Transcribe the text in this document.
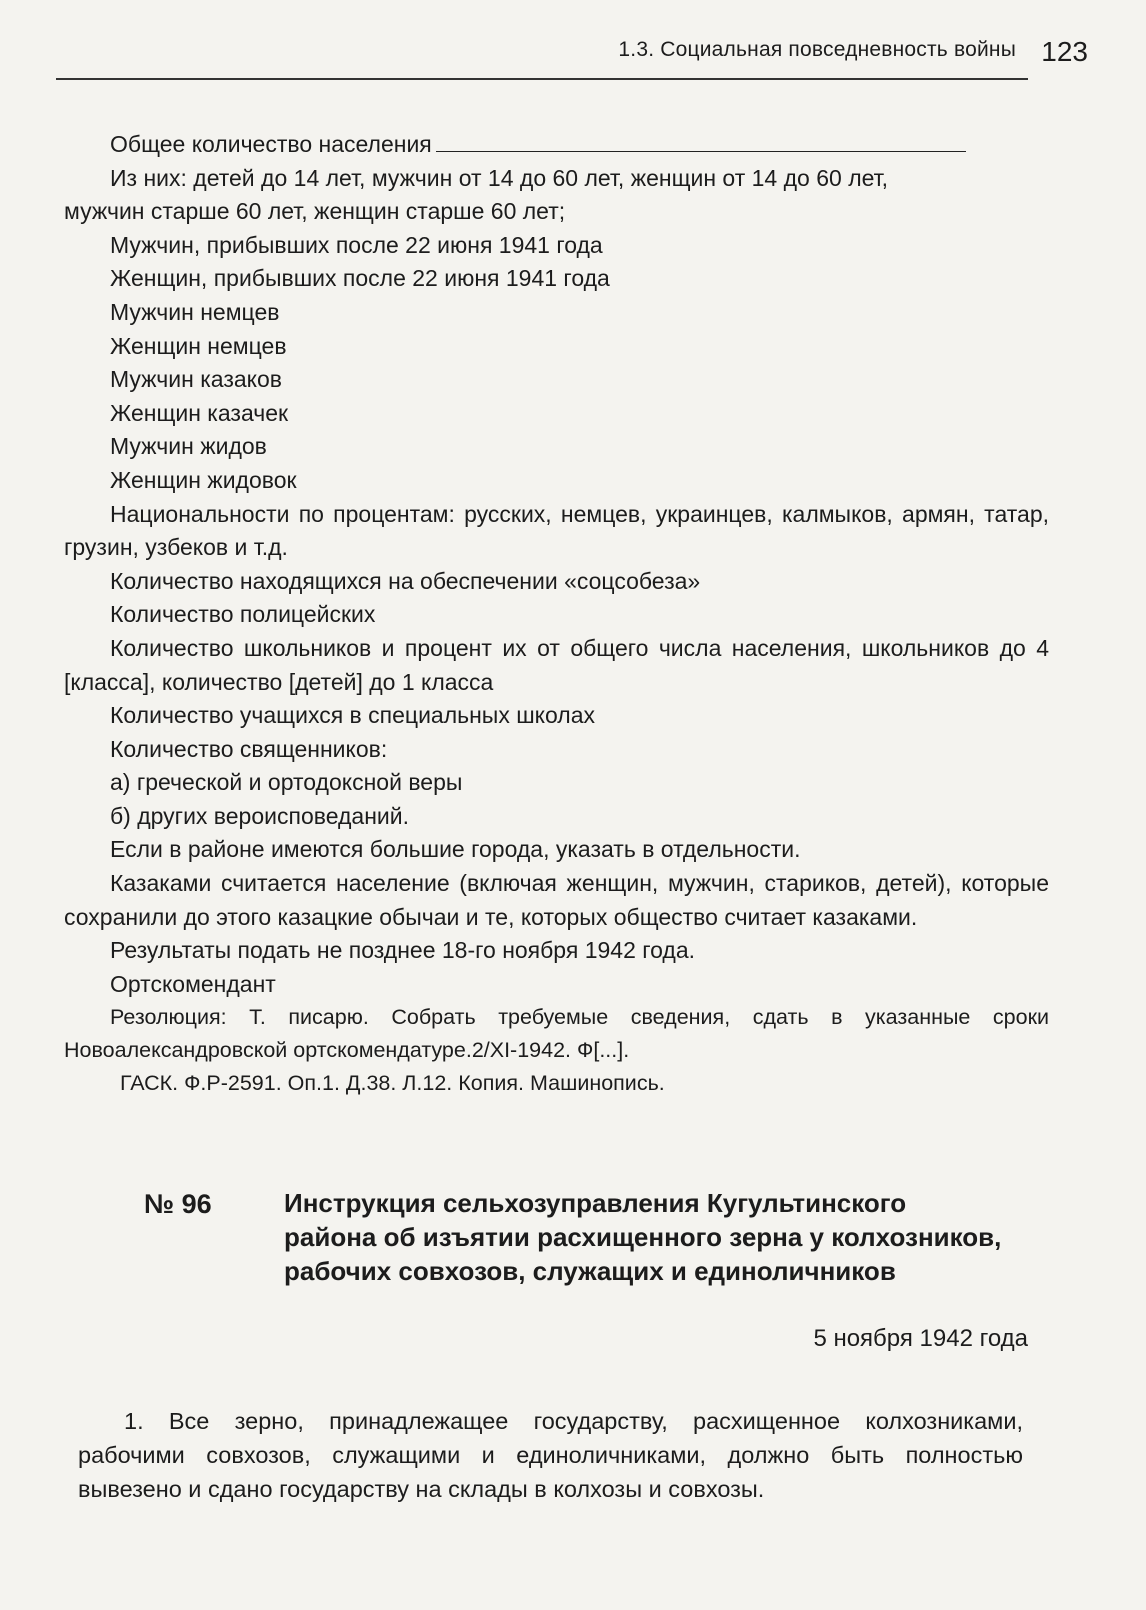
1.3. Социальная повседневность войны 123

Общее количество населения

Из них: детей до 14 лет, мужчин от 14 до 60 лет, женщин от 14 до 60 лет,

мужчин старше 60 лет, женщин старше 60 лет;

Мужчин, прибывших после 22 июня 1941 года

Женщин, прибывших после 22 июня 1941 года

Мужчин немцев

Женщин немцев

Мужчин казаков

Женщин казачек

Мужчин жидов

Женщин жидовок

Национальности по процентам: русских, немцев, украинцев, калмыков, армян, татар, грузин, узбеков и т.д.

Количество находящихся на обеспечении «соцсобеза»

Количество полицейских

Количество школьников и процент их от общего числа населения, школьников до 4 [класса], количество [детей] до 1 класса

Количество учащихся в специальных школах

Количество священников:

а) греческой и ортодоксной веры

б) других вероисповеданий.

Если в районе имеются большие города, указать в отдельности.

Казаками считается население (включая женщин, мужчин, стариков, детей), которые сохранили до этого казацкие обычаи и те, которых общество считает казаками.

Результаты подать не позднее 18-го ноября 1942 года.

Ортскомендант

Резолюция: Т. писарю. Собрать требуемые сведения, сдать в указанные сроки Новоалександровской ортскомендатуре.2/XI-1942. Ф[...].

ГАСК. Ф.Р-2591. Оп.1. Д.38. Л.12. Копия. Машинопись.

№ 96	Инструкция сельхозуправления Кугультинского района об изъятии расхищенного зерна у колхозников, рабочих совхозов, служащих и единоличников
5 ноября 1942 года

1. Все зерно, принадлежащее государству, расхищенное колхозниками, рабочими совхозов, служащими и единоличниками, должно быть полностью вывезено и сдано государству на склады в колхозы и совхозы.
